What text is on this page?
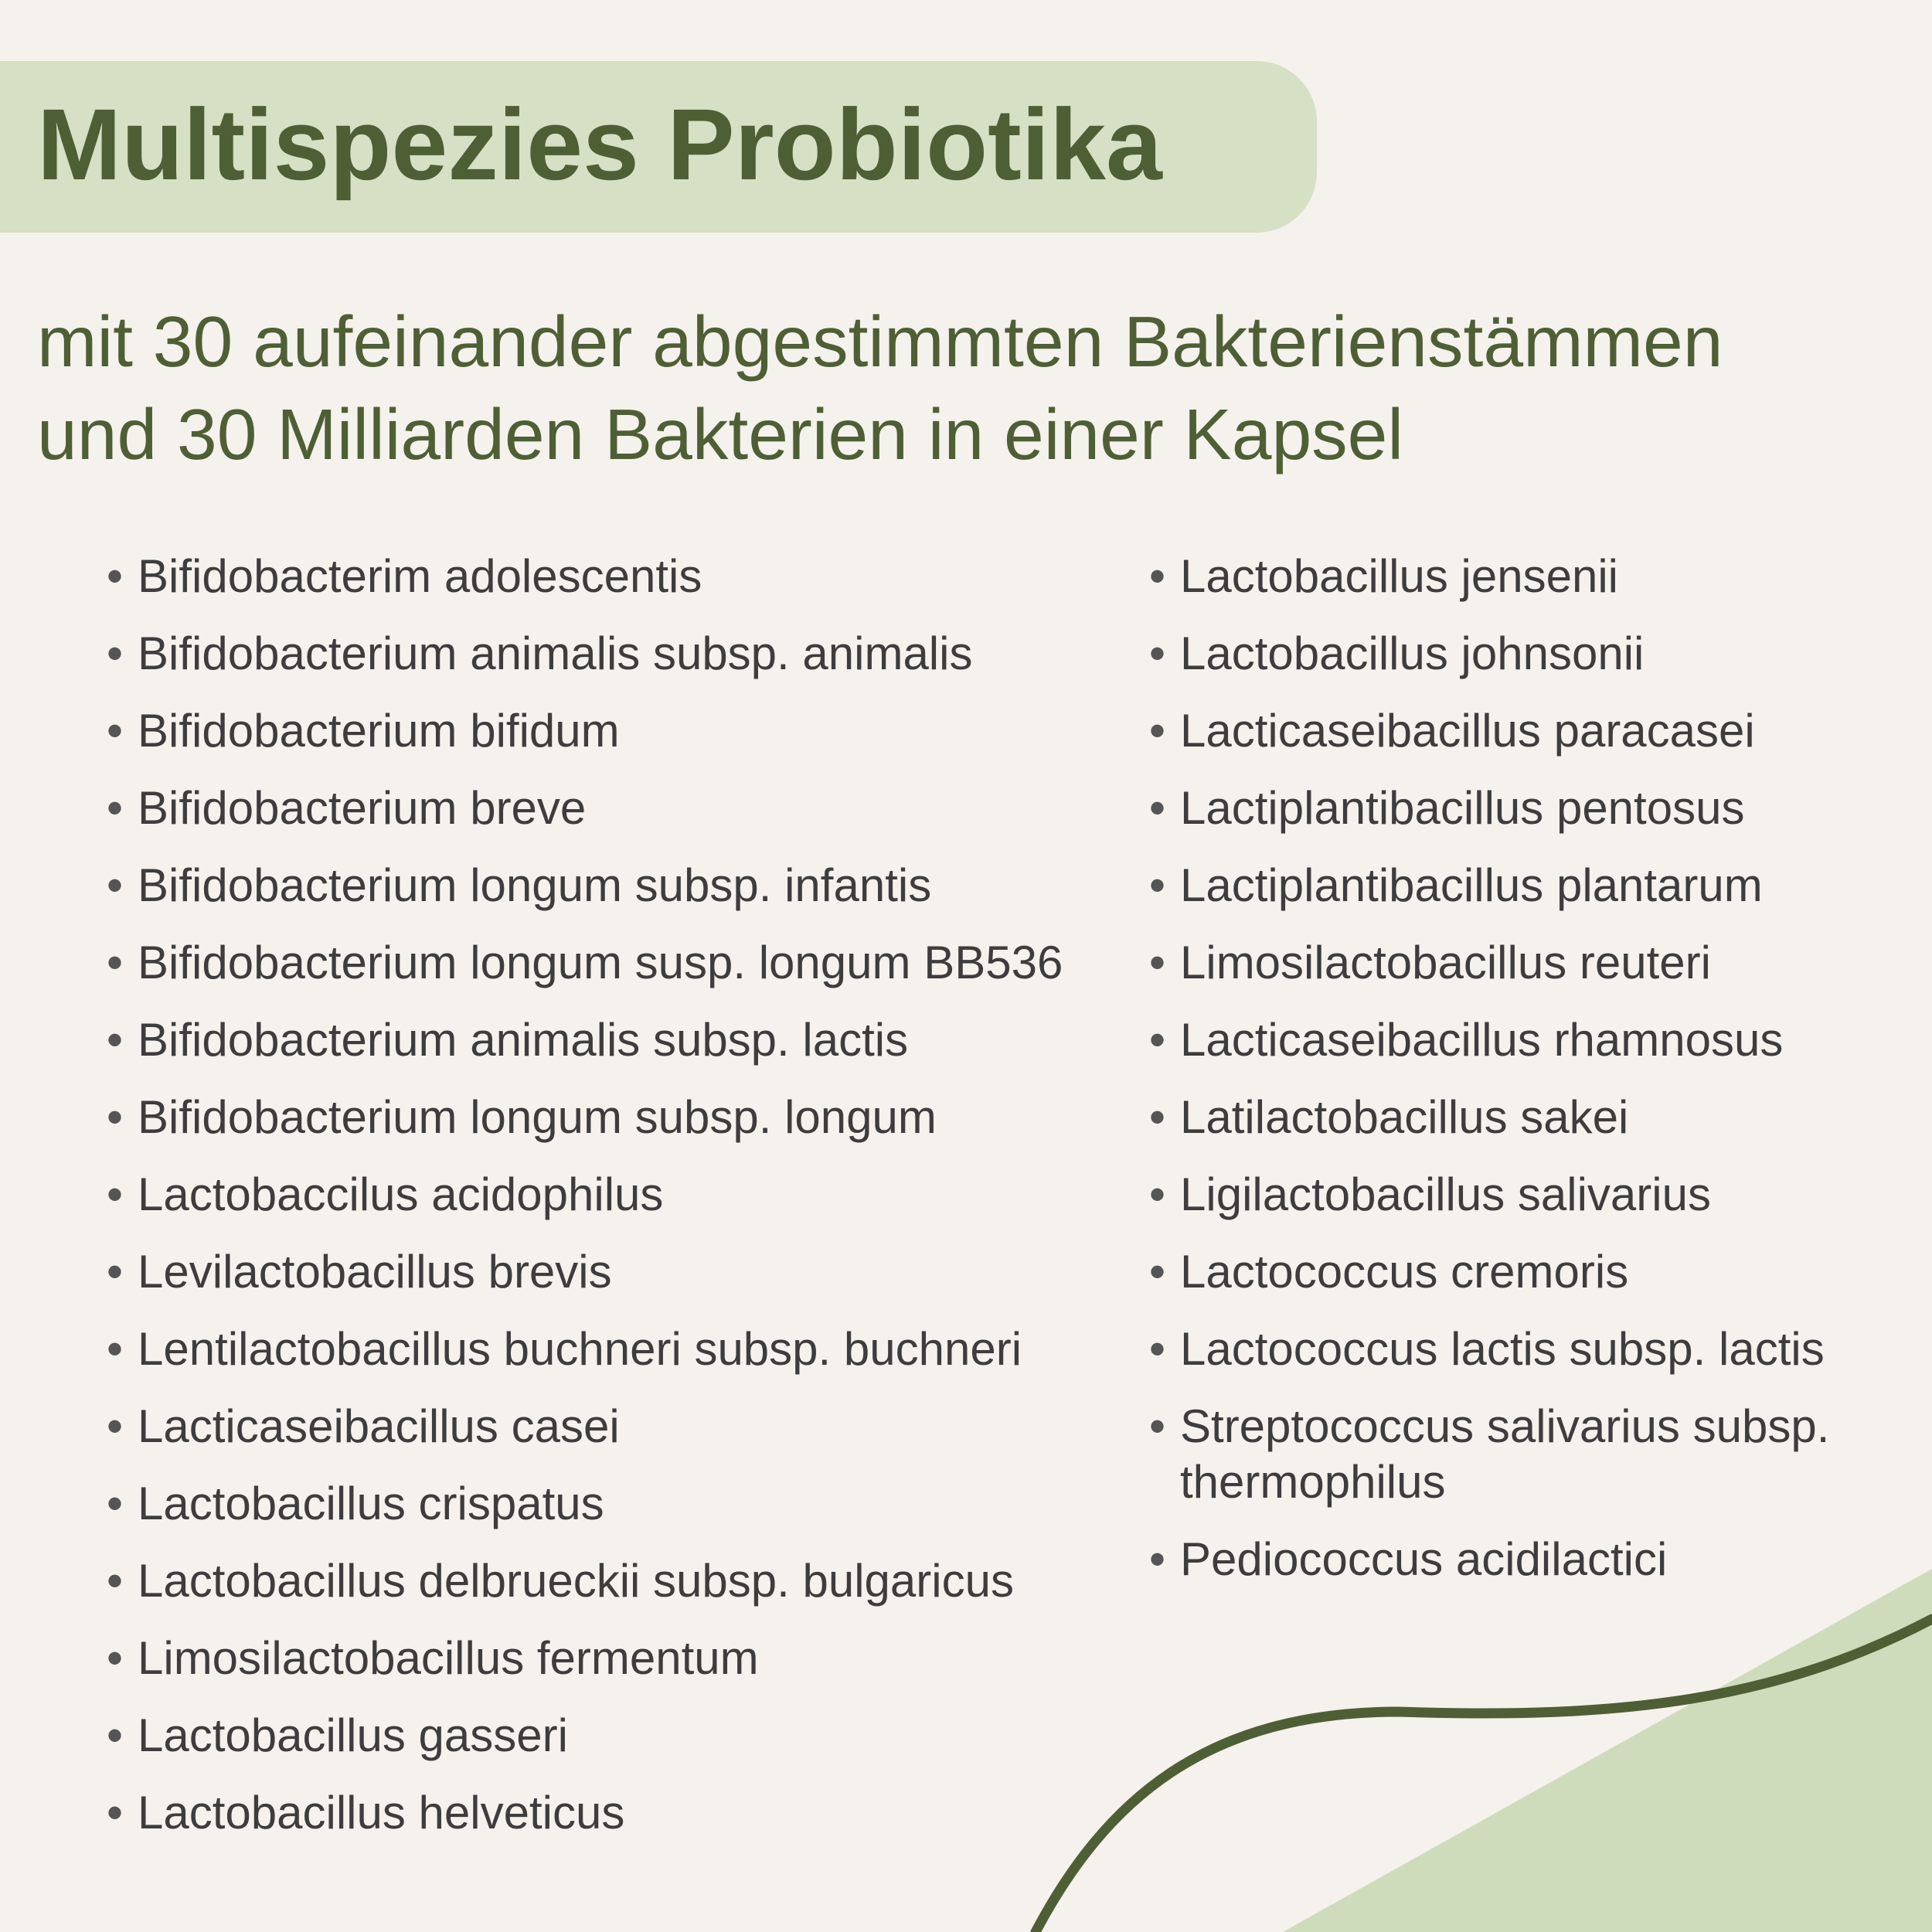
Multispezies Probiotika
mit 30 aufeinander abgestimmten Bakterienstämmen
und 30 Milliarden Bakterien in einer Kapsel
• Bifidobacterim adolescentis
• Bifidobacterium animalis subsp. animalis
• Bifidobacterium bifidum
• Bifidobacterium breve
• Bifidobacterium longum subsp. infantis
• Bifidobacterium longum susp. longum BB536
• Bifidobacterium animalis subsp. lactis
• Bifidobacterium longum subsp. longum
• Lactobaccilus acidophilus
• Levilactobacillus brevis
• Lentilactobacillus buchneri subsp. buchneri
• Lacticaseibacillus casei
• Lactobacillus crispatus
• Lactobacillus delbrueckii subsp. bulgaricus
• Limosilactobacillus fermentum
• Lactobacillus gasseri
• Lactobacillus helveticus
• Lactobacillus jensenii
• Lactobacillus johnsonii
• Lacticaseibacillus paracasei
• Lactiplantibacillus pentosus
• Lactiplantibacillus plantarum
• Limosilactobacillus reuteri
• Lacticaseibacillus rhamnosus
• Latilactobacillus sakei
• Ligilactobacillus salivarius
• Lactococcus cremoris
• Lactococcus lactis subsp. lactis
• Streptococcus salivarius subsp. thermophilus
• Pediococcus acidilactici
